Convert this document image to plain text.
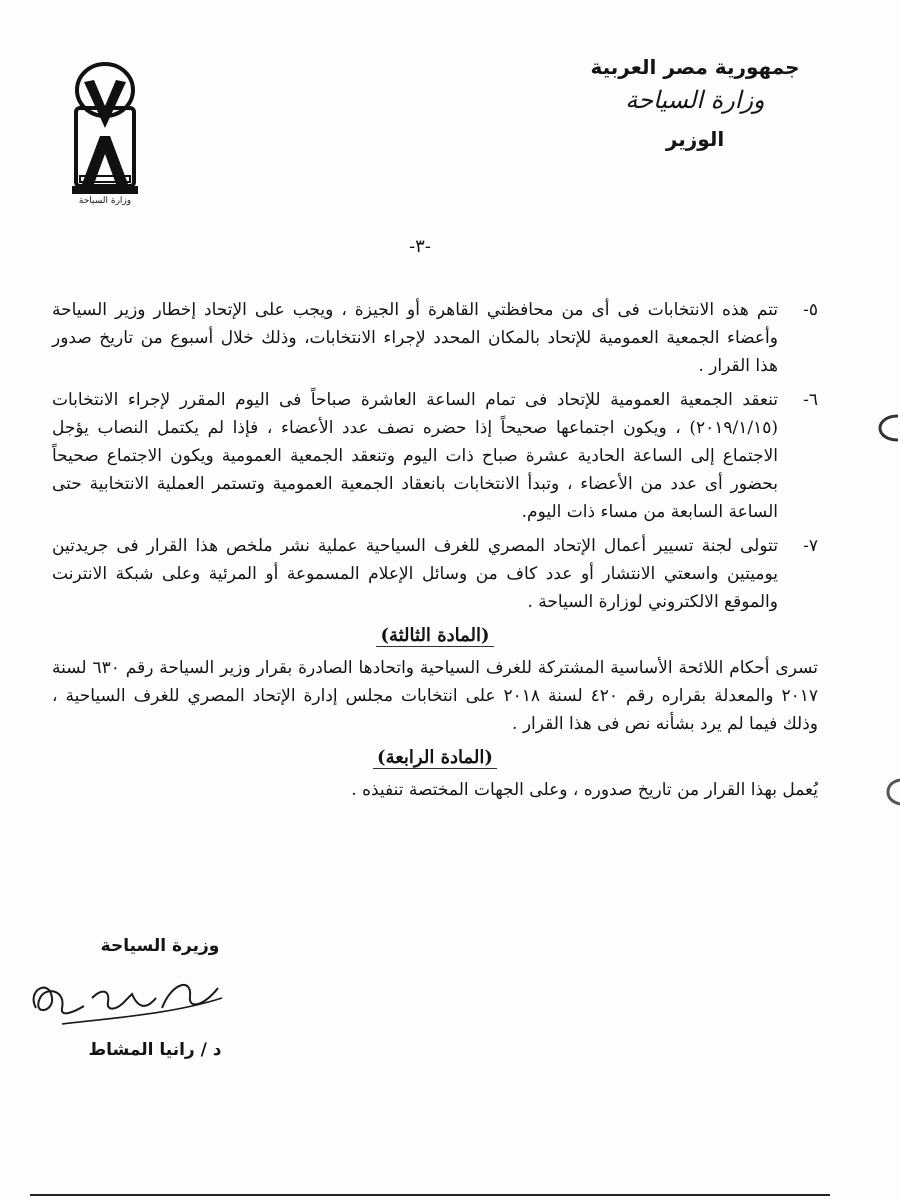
جمهورية مصر العربية

وزارة السياحة

الوزير

وزارة السياحة
-٣-
٥-
تتم هذه الانتخابات فى أى من محافظتي القاهرة أو الجيزة ، ويجب على الإتحاد إخطار وزير السياحة وأعضاء الجمعية العمومية للإتحاد بالمكان المحدد لإجراء الانتخابات، وذلك خلال أسبوع من تاريخ صدور هذا القرار .
٦-
تنعقد الجمعية العمومية للإتحاد فى تمام الساعة العاشرة صباحاً فى اليوم المقرر لإجراء الانتخابات (٢٠١٩/١/١٥) ، ويكون اجتماعها صحيحاً إذا حضره نصف عدد الأعضاء ، فإذا لم يكتمل النصاب يؤجل الاجتماع إلى الساعة الحادية عشرة صباح ذات اليوم وتنعقد الجمعية العمومية ويكون الاجتماع صحيحاً بحضور أى عدد من الأعضاء ، وتبدأ الانتخابات بانعقاد الجمعية العمومية وتستمر العملية الانتخابية حتى الساعة السابعة من مساء ذات اليوم.
٧-
تتولى لجنة تسيير أعمال الإتحاد المصري للغرف السياحية عملية نشر ملخص هذا القرار فى جريدتين يوميتين واسعتي الانتشار أو عدد كاف من وسائل الإعلام المسموعة أو المرئية وعلى شبكة الانترنت والموقع الالكتروني لوزارة السياحة .
(المادة الثالثة)

تسرى أحكام اللائحة الأساسية المشتركة للغرف السياحية واتحادها الصادرة بقرار وزير السياحة رقم ٦٣٠ لسنة ٢٠١٧ والمعدلة بقراره رقم ٤٢٠ لسنة ٢٠١٨ على انتخابات مجلس إدارة الإتحاد المصري للغرف السياحية ، وذلك فيما لم يرد بشأنه نص فى هذا القرار .

(المادة الرابعة)

يُعمل بهذا القرار من تاريخ صدوره ، وعلى الجهات المختصة تنفيذه .

وزيرة السياحة
د / رانيا المشاط
